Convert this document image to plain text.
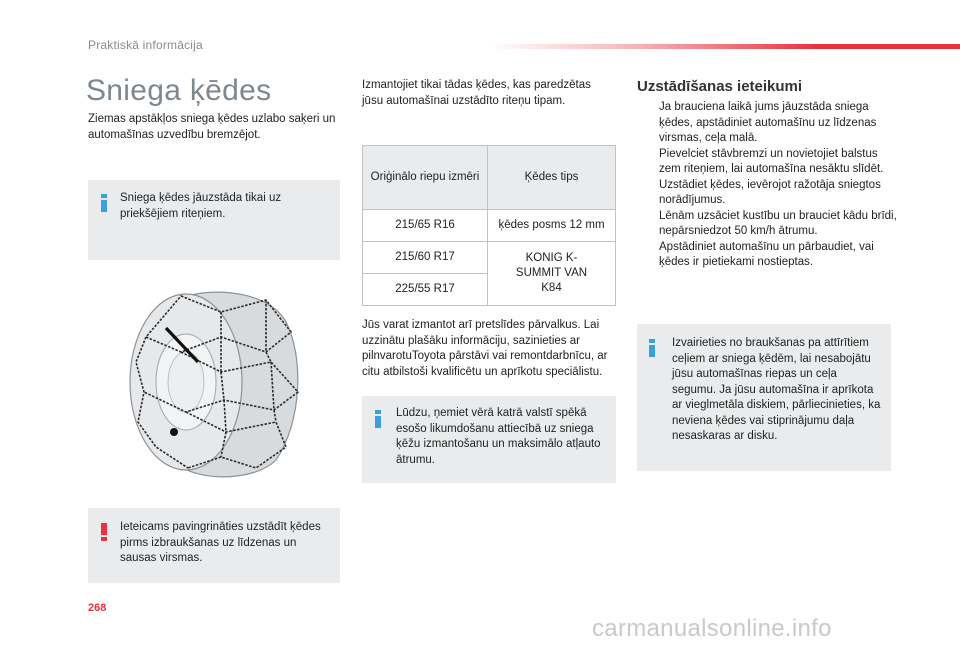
Praktiskā informācija
Sniega ķēdes

Ziemas apstākļos sniega ķēdes uzlabo saķeri un automašīnas uzvedību bremzējot.

Sniega ķēdes jāuzstāda tikai uz priekšējiem riteņiem.
Ieteicams pavingrināties uzstādīt ķēdes pirms izbraukšanas uz līdzenas un sausas virsmas.

Izmantojiet tikai tādas ķēdes, kas paredzētas jūsu automašīnai uzstādīto riteņu tipam.

Oriģinālo riepu izmēri	Ķēdes tips
215/65 R16	ķēdes posms 12 mm
215/60 R17	KONIG K-SUMMIT VAN K84
225/55 R17	

Jūs varat izmantot arī pretslīdes pārvalkus. Lai uzzinātu plašāku informāciju, sazinieties ar pilnvarotuToyota pārstāvi vai remontdarbnīcu, ar citu atbilstoši kvalificētu un aprīkotu speciālistu.

Lūdzu, ņemiet vērā katrā valstī spēkā esošo likumdošanu attiecībā uz sniega ķēžu izmantošanu un maksimālo atļauto ātrumu.
Uzstādīšanas ieteikumi
Ja brauciena laikā jums jāuzstāda sniega ķēdes, apstādiniet automašīnu uz līdzenas virsmas, ceļa malā.
Pievelciet stāvbremzi un novietojiet balstus zem riteņiem, lai automašīna nesāktu slīdēt.
Uzstādiet ķēdes, ievērojot ražotāja sniegtos norādījumus.
Lēnām uzsāciet kustību un brauciet kādu brīdi, nepārsniedzot 50 km/h ātrumu.
Apstādiniet automašīnu un pārbaudiet, vai ķēdes ir pietiekami nostieptas.
Izvairieties no braukšanas pa attīrītiem ceļiem ar sniega ķēdēm, lai nesabojātu jūsu automašīnas riepas un ceļa segumu. Ja jūsu automašīna ir aprīkota ar vieglmetāla diskiem, pārliecinieties, ka neviena ķēdes vai stiprinājumu daļa nesaskaras ar disku.
268
carmanualsonline.info
